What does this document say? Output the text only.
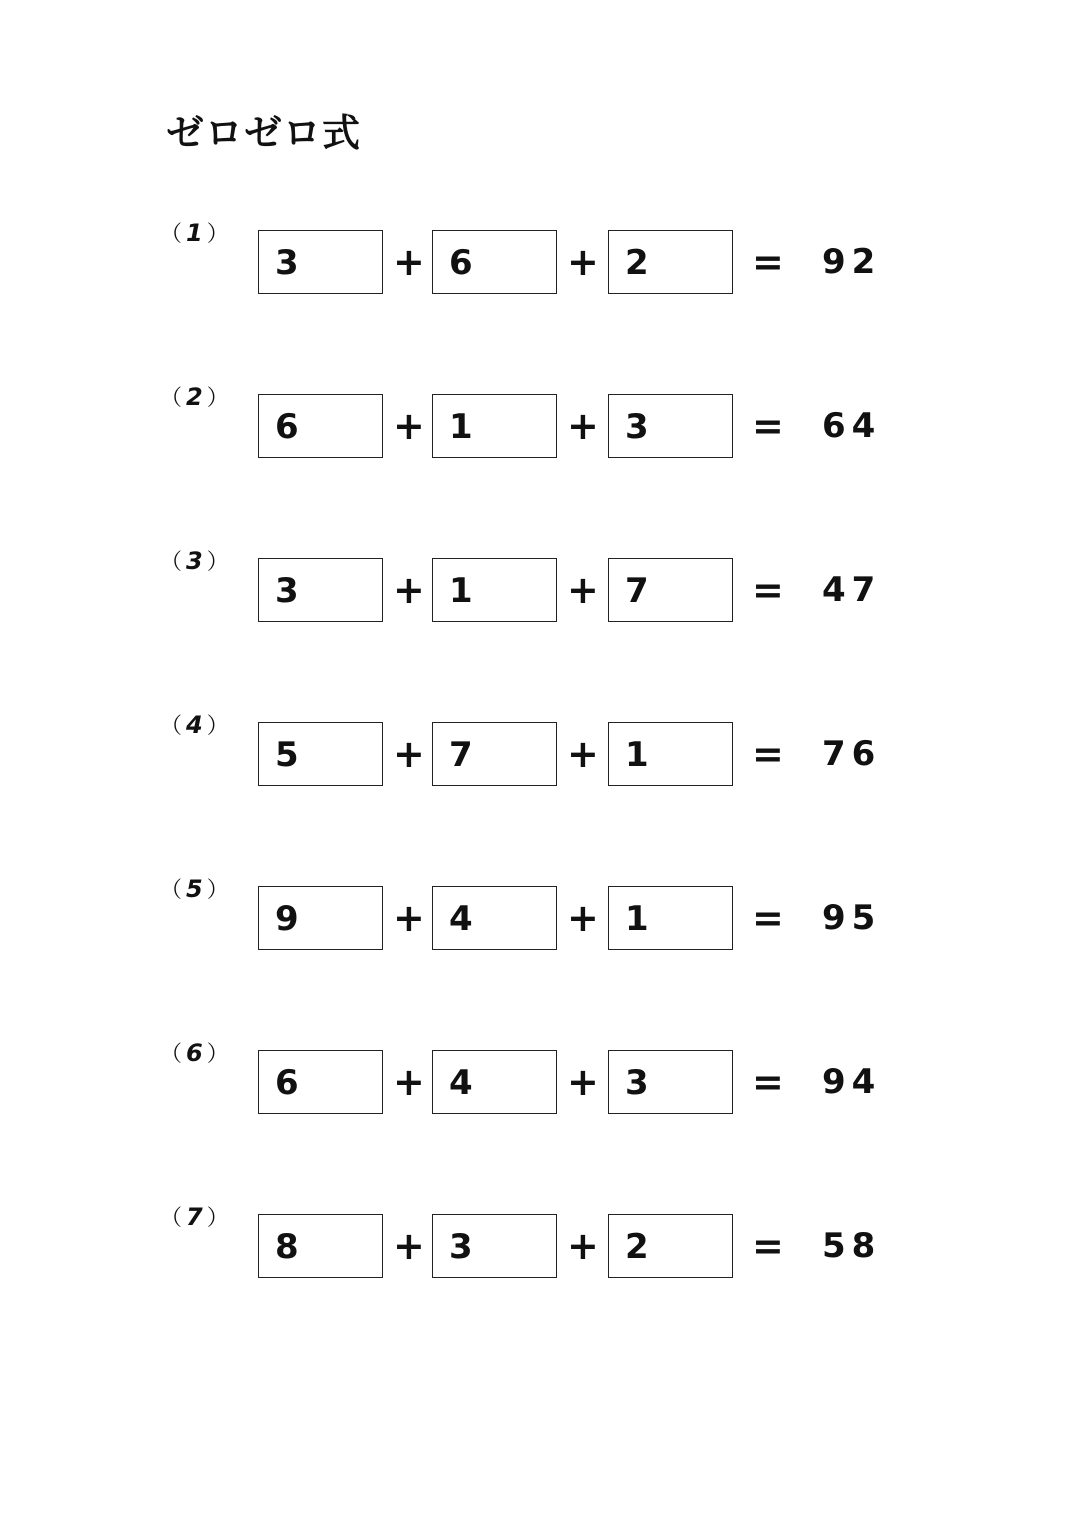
ゼロゼロ式
（ 1 ）
3 + 6 + 2	= 92
（ 2 ）
6 + 1 + 3	= 64
（ 3 ）
3 + 1 + 7	= 47
（ 4 ）
5 + 7 + 1	= 76
（ 5 ）
9 + 4 + 1	= 95
（ 6 ）
6 + 4 + 3	= 94
（ 7 ）
8 + 3 + 2	= 58
